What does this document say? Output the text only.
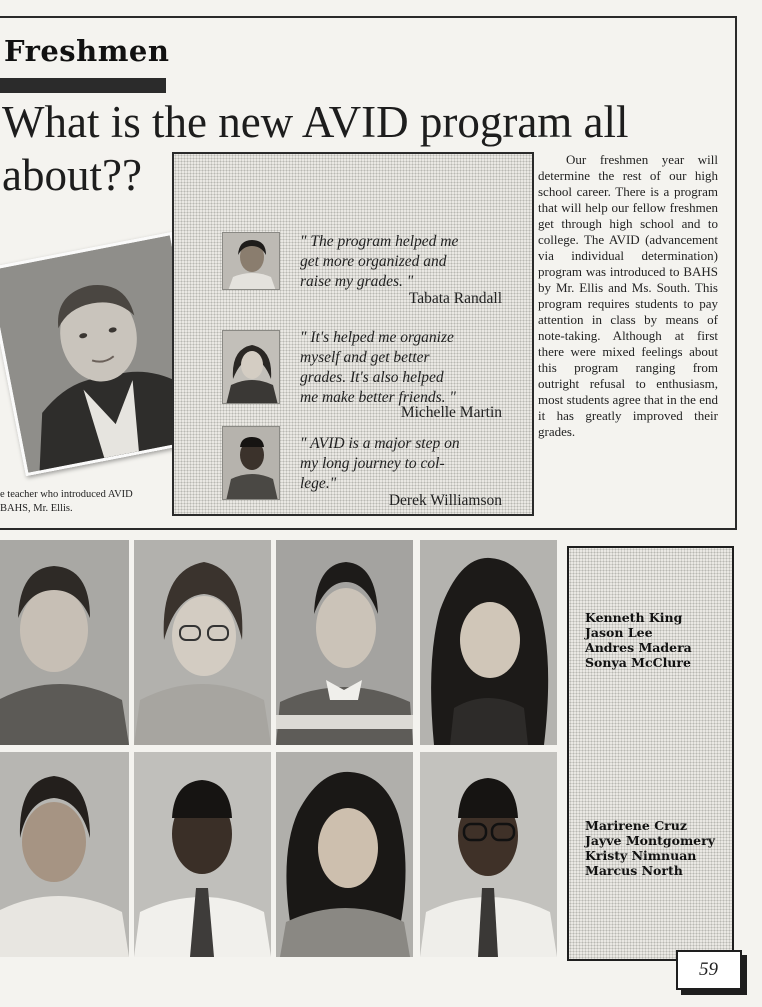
Freshmen
What is the new AVID program all
about??
e teacher who introduced AVID
BAHS, Mr. Ellis.
" The program helped me
get more organized and
raise my grades. "
Tabata Randall
" It's helped me organize
myself and get better
grades. It's also helped
me make better friends. "
Michelle Martin
" AVID is a major step on
my long journey to col-
lege."
Derek Williamson
Our freshmen year will determine the rest of our high school career. There is a program that will help our fellow freshmen get through high school and to college. The AVID (advancement via individual determination) program was introduced to BAHS by Mr. Ellis and Ms. South. This program requires students to pay attention in class by means of note-taking. Although at first there were mixed feelings about this program ranging from outright refusal to enthusiasm, most students agree that in the end it has greatly improved their grades.
Kenneth King
Jason Lee
Andres Madera
Sonya McClure
Marirene Cruz
Jayve Montgomery
Kristy Nimnuan
Marcus North
59
